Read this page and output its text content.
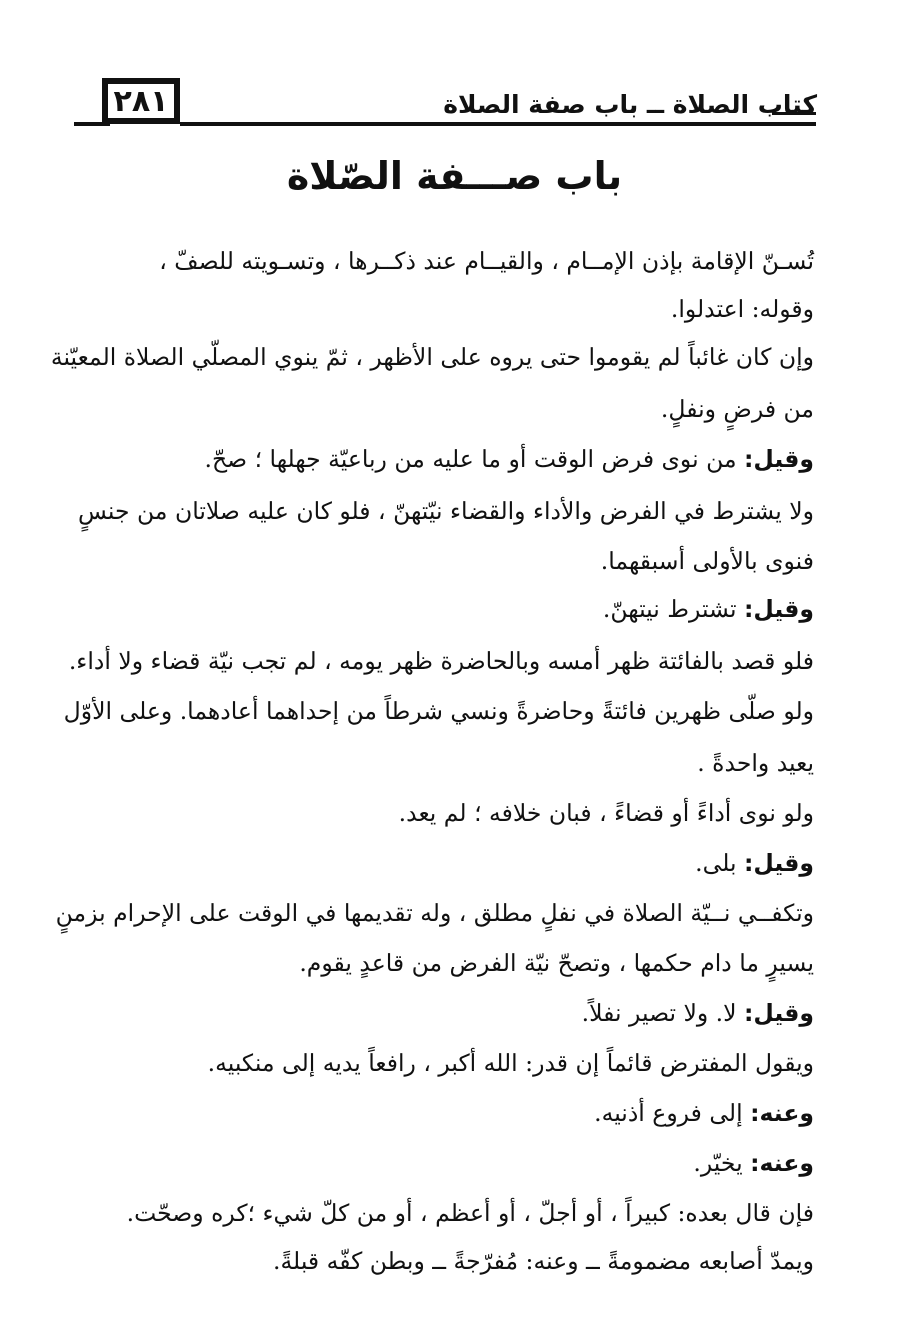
٢٨١	كتاب الصلاة ــ باب صفة الصلاة
باب صـــفة الصّلاة
تُسـنّ الإقامة بإذن الإمــام ، والقيــام عند ذكــرها ، وتسـويته للصفّ ،
وقوله: اعتدلوا.
وإن كان غائباً لم يقوموا حتى يروه على الأظهر ، ثمّ ينوي المصلّي الصلاة المعيّنة
من فرضٍ ونفلٍ.
وقيل: من نوى فرض الوقت أو ما عليه من رباعيّة جهلها ؛ صحّ.
ولا يشترط في الفرض والأداء والقضاء نيّتهنّ ، فلو كان عليه صلاتان من جنسٍ
فنوى بالأولى أسبقهما.
وقيل: تشترط نيتهنّ.
فلو قصد بالفائتة ظهر أمسه وبالحاضرة ظهر يومه ، لم تجب نيّة قضاء ولا أداء.
ولو صلّى ظهرين فائتةً وحاضرةً ونسي شرطاً من إحداهما أعادهما. وعلى الأوّل
يعيد واحدةً .
ولو نوى أداءً أو قضاءً ، فبان خلافه ؛ لم يعد.
وقيل: بلى.
وتكفــي نــيّة الصلاة في نفلٍ مطلق ، وله تقديمها في الوقت على الإحرام بزمنٍ
يسيرٍ ما دام حكمها ، وتصحّ نيّة الفرض من قاعدٍ يقوم.
وقيل: لا. ولا تصير نفلاً.
ويقول المفترض قائماً إن قدر: الله أكبر ، رافعاً يديه إلى منكبيه.
وعنه: إلى فروع أذنيه.
وعنه: يخيّر.
فإن قال بعده: كبيراً ، أو أجلّ ، أو أعظم ، أو من كلّ شيء ؛كره وصحّت.
ويمدّ أصابعه مضمومةً ــ وعنه: مُفرّجةً ــ وبطن كفّه قبلةً.
